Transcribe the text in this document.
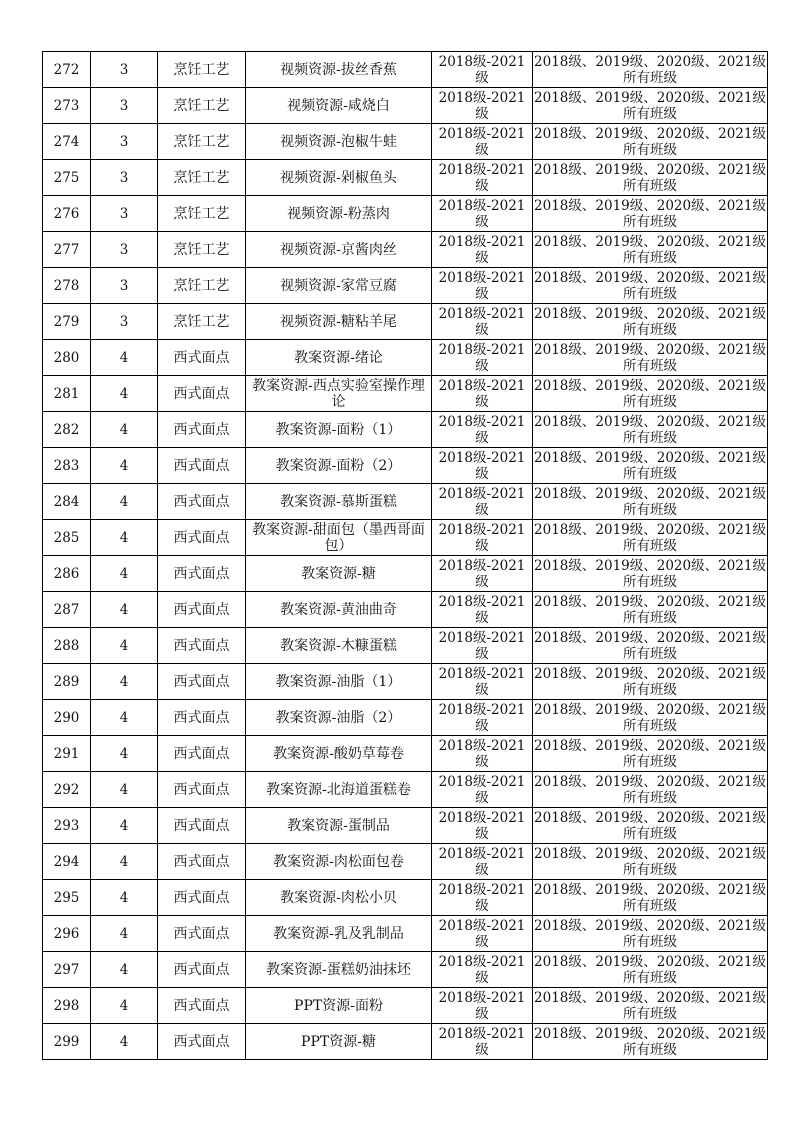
272	3	烹饪工艺	视频资源-拔丝香蕉	2018级-2021级	2018级、2019级、2020级、2021级所有班级
273	3	烹饪工艺	视频资源-咸烧白	2018级-2021级	2018级、2019级、2020级、2021级所有班级
274	3	烹饪工艺	视频资源-泡椒牛蛙	2018级-2021级	2018级、2019级、2020级、2021级所有班级
275	3	烹饪工艺	视频资源-剁椒鱼头	2018级-2021级	2018级、2019级、2020级、2021级所有班级
276	3	烹饪工艺	视频资源-粉蒸肉	2018级-2021级	2018级、2019级、2020级、2021级所有班级
277	3	烹饪工艺	视频资源-京酱肉丝	2018级-2021级	2018级、2019级、2020级、2021级所有班级
278	3	烹饪工艺	视频资源-家常豆腐	2018级-2021级	2018级、2019级、2020级、2021级所有班级
279	3	烹饪工艺	视频资源-糖粘羊尾	2018级-2021级	2018级、2019级、2020级、2021级所有班级
280	4	西式面点	教案资源-绪论	2018级-2021级	2018级、2019级、2020级、2021级所有班级
281	4	西式面点	教案资源-西点实验室操作理论	2018级-2021级	2018级、2019级、2020级、2021级所有班级
282	4	西式面点	教案资源-面粉（1）	2018级-2021级	2018级、2019级、2020级、2021级所有班级
283	4	西式面点	教案资源-面粉（2）	2018级-2021级	2018级、2019级、2020级、2021级所有班级
284	4	西式面点	教案资源-慕斯蛋糕	2018级-2021级	2018级、2019级、2020级、2021级所有班级
285	4	西式面点	教案资源-甜面包（墨西哥面包）	2018级-2021级	2018级、2019级、2020级、2021级所有班级
286	4	西式面点	教案资源-糖	2018级-2021级	2018级、2019级、2020级、2021级所有班级
287	4	西式面点	教案资源-黄油曲奇	2018级-2021级	2018级、2019级、2020级、2021级所有班级
288	4	西式面点	教案资源-木糠蛋糕	2018级-2021级	2018级、2019级、2020级、2021级所有班级
289	4	西式面点	教案资源-油脂（1）	2018级-2021级	2018级、2019级、2020级、2021级所有班级
290	4	西式面点	教案资源-油脂（2）	2018级-2021级	2018级、2019级、2020级、2021级所有班级
291	4	西式面点	教案资源-酸奶草莓卷	2018级-2021级	2018级、2019级、2020级、2021级所有班级
292	4	西式面点	教案资源-北海道蛋糕卷	2018级-2021级	2018级、2019级、2020级、2021级所有班级
293	4	西式面点	教案资源-蛋制品	2018级-2021级	2018级、2019级、2020级、2021级所有班级
294	4	西式面点	教案资源-肉松面包卷	2018级-2021级	2018级、2019级、2020级、2021级所有班级
295	4	西式面点	教案资源-肉松小贝	2018级-2021级	2018级、2019级、2020级、2021级所有班级
296	4	西式面点	教案资源-乳及乳制品	2018级-2021级	2018级、2019级、2020级、2021级所有班级
297	4	西式面点	教案资源-蛋糕奶油抹坯	2018级-2021级	2018级、2019级、2020级、2021级所有班级
298	4	西式面点	PPT资源-面粉	2018级-2021级	2018级、2019级、2020级、2021级所有班级
299	4	西式面点	PPT资源-糖	2018级-2021级	2018级、2019级、2020级、2021级所有班级
